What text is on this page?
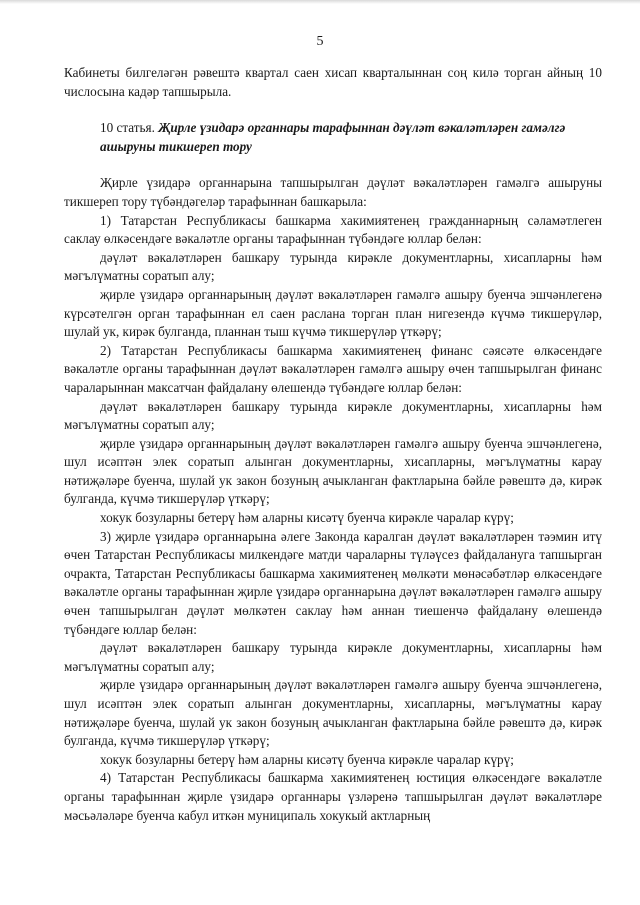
5

Кабинеты билгеләгән рәвештә квартал саен хисап кварталыннан соң килә торган айның 10 числосына кадәр тапшырыла.

10 статья. Җирле үзидарә органнары тарафыннан дәүләт вәкаләтләрен гамәлгә ашыруны тикшереп тору

Җирле үзидарә органнарына тапшырылган дәүләт вәкаләтләрен гамәлгә ашыруны тикшереп тору түбәндәгеләр тарафыннан башкарыла:

1) Татарстан Республикасы башкарма хакимиятенең гражданнарның сәламәтлеген саклау өлкәсендәге вәкаләтле органы тарафыннан түбәндәге юллар белән:

дәүләт вәкаләтләрен башкару турында кирәкле документларны, хисапларны һәм мәгълүматны соратып алу;

җирле үзидарә органнарының дәүләт вәкаләтләрен гамәлгә ашыру буенча эшчәнлегенә күрсәтелгән орган тарафыннан ел саен раслана торган план нигезендә күчмә тикшерүләр, шулай ук, кирәк булганда, планнан тыш күчмә тикшерүләр үткәрү;

2) Татарстан Республикасы башкарма хакимиятенең финанс сәясәте өлкәсендәге вәкаләтле органы тарафыннан дәүләт вәкаләтләрен гамәлгә ашыру өчен тапшырылган финанс чараларыннан максатчан файдалану өлешендә түбәндәге юллар белән:

дәүләт вәкаләтләрен башкару турында кирәкле документларны, хисапларны һәм мәгълүматны соратып алу;

җирле үзидарә органнарының дәүләт вәкаләтләрен гамәлгә ашыру буенча эшчәнлегенә, шул исәптән элек соратып алынган документларны, хисапларны, мәгълүматны карау нәтиҗәләре буенча, шулай ук закон бозуның ачыкланган фактларына бәйле рәвештә дә, кирәк булганда, күчмә тикшерүләр үткәрү;

хокук бозуларны бетерү һәм аларны кисәтү буенча кирәкле чаралар күрү;

3) җирле үзидарә органнарына әлеге Законда каралган дәүләт вәкаләтләрен тәэмин итү өчен Татарстан Республикасы милкендәге матди чараларны түләүсез файдалануга тапшырган очракта, Татарстан Республикасы башкарма хакимиятенең мөлкәти мөнәсәбәтләр өлкәсендәге вәкаләтле органы тарафыннан җирле үзидарә органнарына дәүләт вәкаләтләрен гамәлгә ашыру өчен тапшырылган дәүләт мөлкәтен саклау һәм аннан тиешенчә файдалану өлешендә түбәндәге юллар белән:

дәүләт вәкаләтләрен башкару турында кирәкле документларны, хисапларны һәм мәгълүматны соратып алу;

җирле үзидарә органнарының дәүләт вәкаләтләрен гамәлгә ашыру буенча эшчәнлегенә, шул исәптән элек соратып алынган документларны, хисапларны, мәгълүматны карау нәтиҗәләре буенча, шулай ук закон бозуның ачыкланган фактларына бәйле рәвештә дә, кирәк булганда, күчмә тикшерүләр үткәрү;

хокук бозуларны бетерү һәм аларны кисәтү буенча кирәкле чаралар күрү;

4) Татарстан Республикасы башкарма хакимиятенең юстиция өлкәсендәге вәкаләтле органы тарафыннан җирле үзидарә органнары үзләренә тапшырылган дәүләт вәкаләтләре мәсьәләләре буенча кабул иткән муниципаль хокукый актларның
